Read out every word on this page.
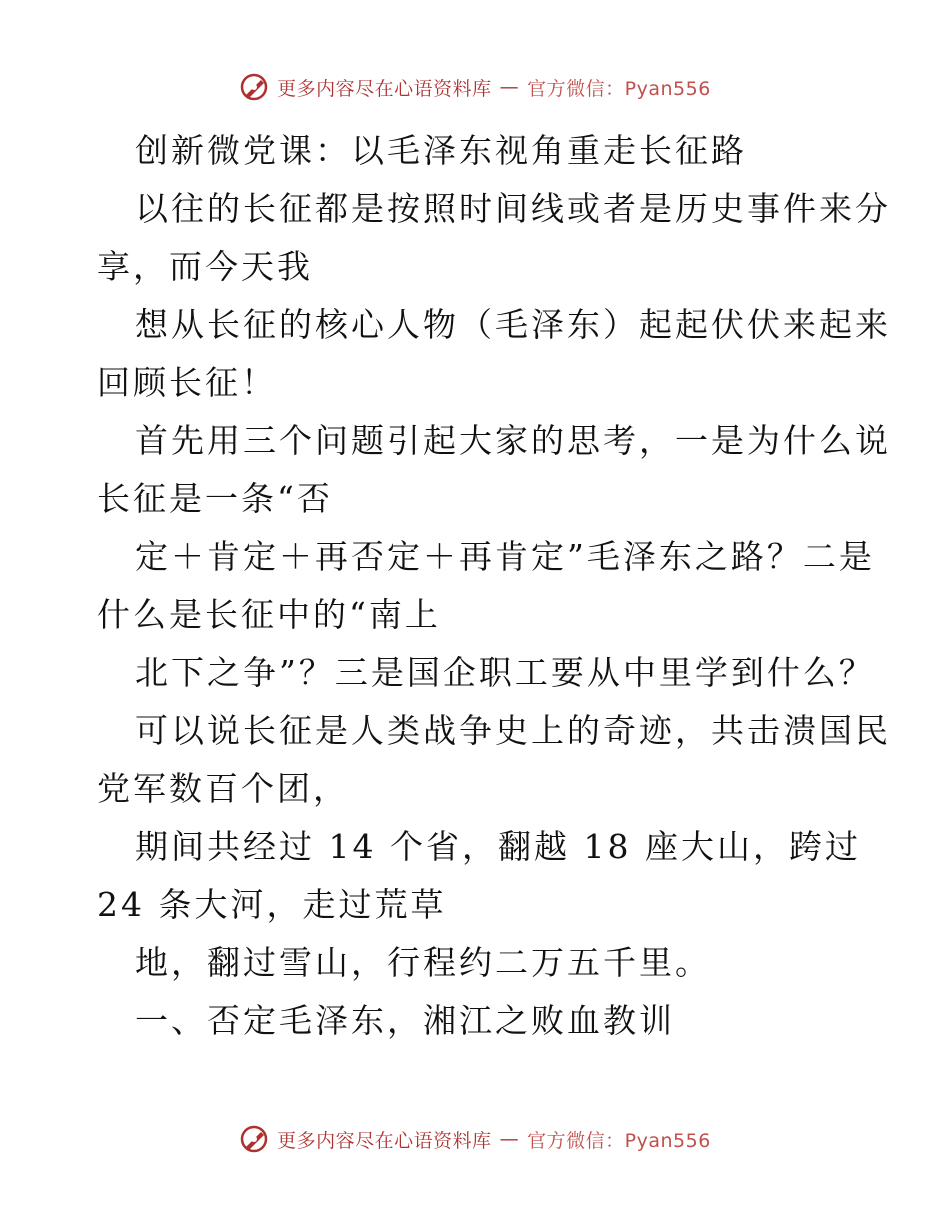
更多内容尽在心语资料库 — 官方微信：Pyan556
创新微党课：以毛泽东视角重走长征路
以往的长征都是按照时间线或者是历史事件来分
享，而今天我
想从长征的核心人物（毛泽东）起起伏伏来起来
回顾长征！
首先用三个问题引起大家的思考，一是为什么说
长征是一条“否
定＋肯定＋再否定＋再肯定”毛泽东之路？二是
什么是长征中的“南上
北下之争”？三是国企职工要从中里学到什么？
可以说长征是人类战争史上的奇迹，共击溃国民
党军数百个团，
期间共经过 14 个省，翻越 18 座大山，跨过
24 条大河，走过荒草
地，翻过雪山，行程约二万五千里。
一、否定毛泽东，湘江之败血教训
更多内容尽在心语资料库 — 官方微信：Pyan556
